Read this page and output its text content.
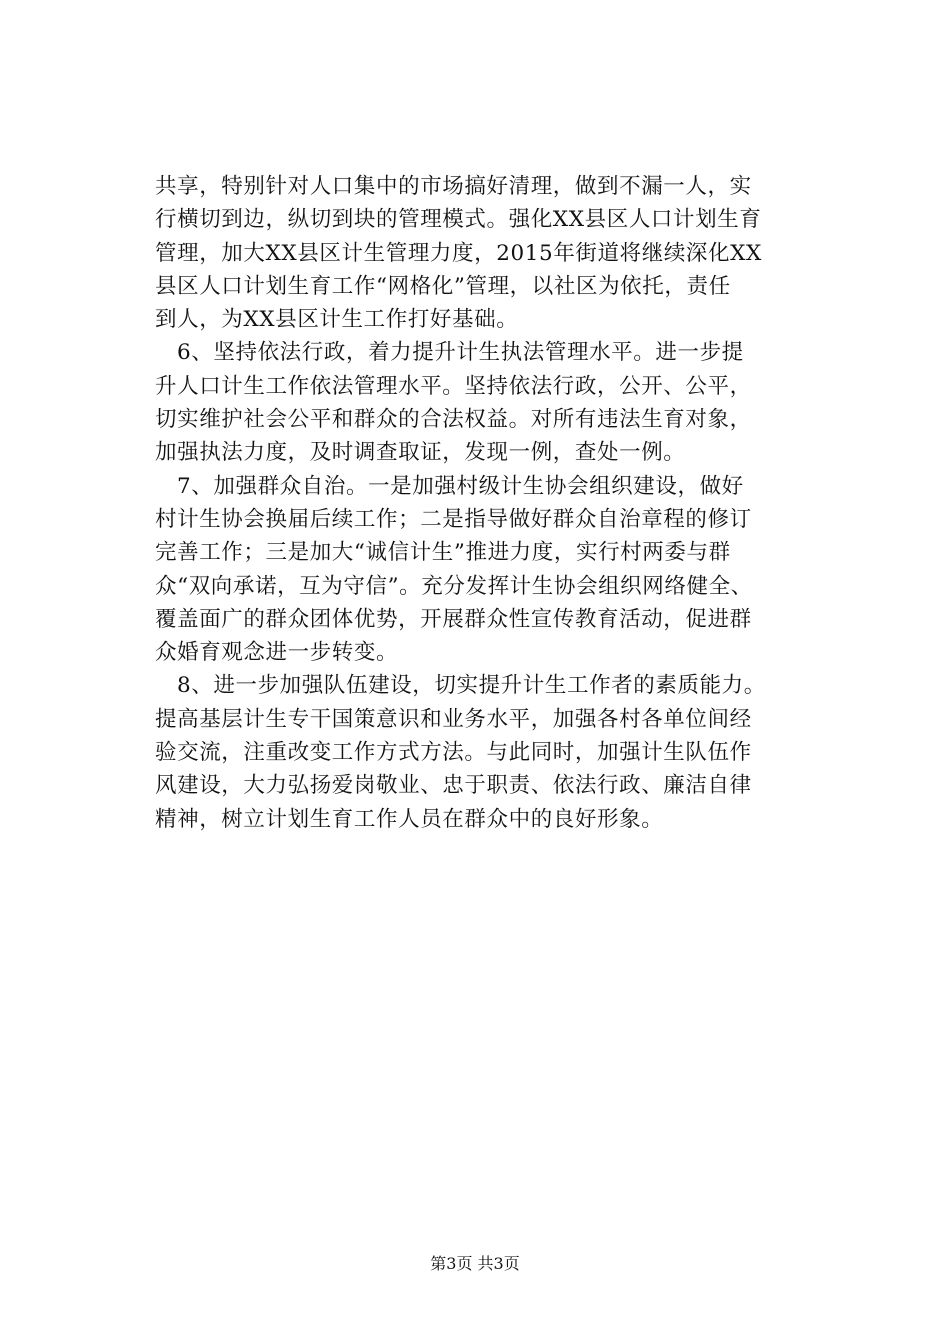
共享，特别针对人口集中的市场搞好清理，做到不漏一人，实
行横切到边，纵切到块的管理模式。强化XX县区人口计划生育
管理，加大XX县区计生管理力度，2015年街道将继续深化XX
县区人口计划生育工作“网格化”管理，以社区为依托，责任
到人，为XX县区计生工作打好基础。
6、坚持依法行政，着力提升计生执法管理水平。进一步提
升人口计生工作依法管理水平。坚持依法行政，公开、公平，
切实维护社会公平和群众的合法权益。对所有违法生育对象，
加强执法力度，及时调查取证，发现一例，查处一例。
7、加强群众自治。一是加强村级计生协会组织建设，做好
村计生协会换届后续工作；二是指导做好群众自治章程的修订
完善工作；三是加大“诚信计生”推进力度，实行村两委与群
众“双向承诺，互为守信”。充分发挥计生协会组织网络健全、
覆盖面广的群众团体优势，开展群众性宣传教育活动，促进群
众婚育观念进一步转变。
8、进一步加强队伍建设，切实提升计生工作者的素质能力。
提高基层计生专干国策意识和业务水平，加强各村各单位间经
验交流，注重改变工作方式方法。与此同时，加强计生队伍作
风建设，大力弘扬爱岗敬业、忠于职责、依法行政、廉洁自律
精神，树立计划生育工作人员在群众中的良好形象。
第3页 共3页
